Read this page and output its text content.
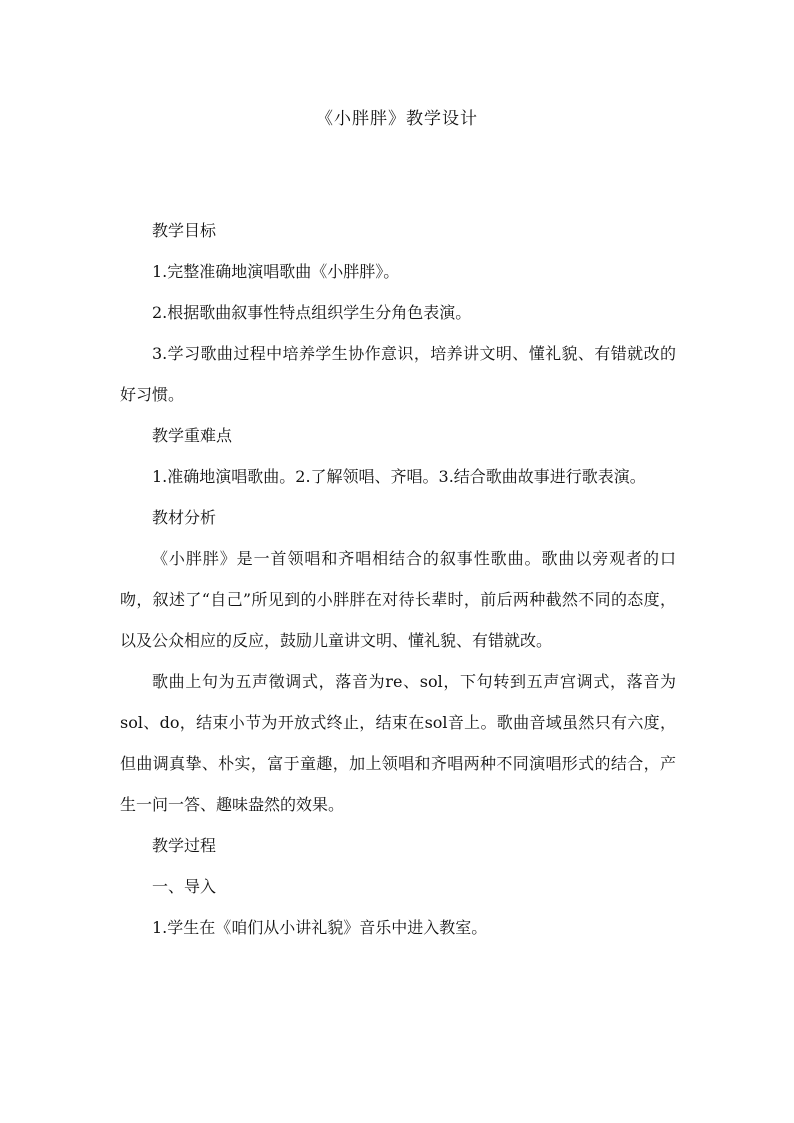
《小胖胖》教学设计

教学目标

1.完整准确地演唱歌曲《小胖胖》。

2.根据歌曲叙事性特点组织学生分角色表演。

3.学习歌曲过程中培养学生协作意识，培养讲文明、懂礼貌、有错就改的好习惯。

教学重难点

1.准确地演唱歌曲。2.了解领唱、齐唱。3.结合歌曲故事进行歌表演。

教材分析

《小胖胖》是一首领唱和齐唱相结合的叙事性歌曲。歌曲以旁观者的口吻，叙述了“自己”所见到的小胖胖在对待长辈时，前后两种截然不同的态度，以及公众相应的反应，鼓励儿童讲文明、懂礼貌、有错就改。

歌曲上句为五声徵调式，落音为re、sol，下句转到五声宫调式，落音为sol、do，结束小节为开放式终止，结束在sol音上。歌曲音域虽然只有六度，但曲调真挚、朴实，富于童趣，加上领唱和齐唱两种不同演唱形式的结合，产生一问一答、趣味盎然的效果。

教学过程

一、导入

1.学生在《咱们从小讲礼貌》音乐中进入教室。
